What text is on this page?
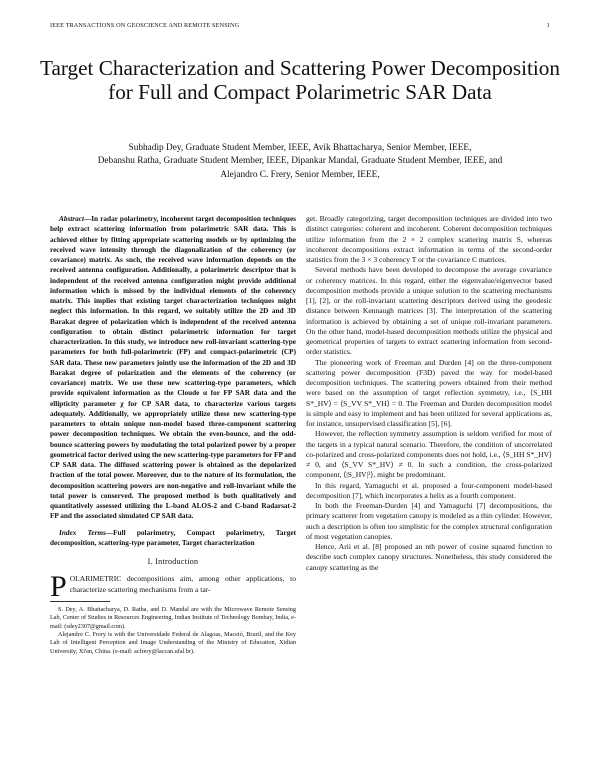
IEEE TRANSACTIONS ON GEOSCIENCE AND REMOTE SENSING	1
Target Characterization and Scattering Power Decomposition for Full and Compact Polarimetric SAR Data
Subhadip Dey, Graduate Student Member, IEEE, Avik Bhattacharya, Senior Member, IEEE,
Debanshu Ratha, Graduate Student Member, IEEE, Dipankar Mandal, Graduate Student Member, IEEE, and
Alejandro C. Frery, Senior Member, IEEE,

Abstract—In radar polarimetry, incoherent target decomposition techniques help extract scattering information from polarimetric SAR data. This is achieved either by fitting appropriate scattering models or by optimizing the received wave intensity through the diagonalization of the coherency (or covariance) matrix. As such, the received wave information depends on the received antenna configuration. Additionally, a polarimetric descriptor that is independent of the received antenna configuration might provide additional information which is missed by the individual elements of the coherency matrix. This implies that existing target characterization techniques might neglect this information. In this regard, we suitably utilize the 2D and 3D Barakat degree of polarization which is independent of the received antenna configuration to obtain distinct polarimetric information for target characterization. In this study, we introduce new roll-invariant scattering-type parameters for both full-polarimetric (FP) and compact-polarimetric (CP) SAR data. These new parameters jointly use the information of the 2D and 3D Barakat degree of polarization and the elements of the coherency (or covariance) matrix. We use these new scattering-type parameters, which provide equivalent information as the Cloude α for FP SAR data and the ellipticity parameter χ for CP SAR data, to characterize various targets adequately. Additionally, we appropriately utilize these new scattering-type parameters to obtain unique non-model based three-component scattering power decomposition techniques. We obtain the even-bounce, and the odd-bounce scattering powers by modulating the total polarized power by a proper geometrical factor derived using the new scattering-type parameters for FP and CP SAR data. The diffused scattering power is obtained as the depolarized fraction of the total power. Moreover, due to the nature of its formulation, the decomposition scattering powers are non-negative and roll-invariant while the total power is conserved. The proposed method is both qualitatively and quantitatively assessed utilizing the L-band ALOS-2 and C-band Radarsat-2 FP and the associated simulated CP SAR data.

Index Terms—Full polarimetry, Compact polarimetry, Target decomposition, scattering-type parameter, Target characterization

I. Introduction

POLARIMETRIC decompositions aim, among other applications, to characterize scattering mechanisms from a tar-

S. Dey, A. Bhattacharya, D. Ratha, and D. Mandal are with the Microwave Remote Sensing Lab, Center of Studies in Resources Engineering, Indian Institute of Technology Bombay, India, e-mail: (sdey2307@gmail.com).

Alejandro C. Frery is with the Universidade Federal de Alagoas, Maceió, Brazil, and the Key Lab of Intelligent Perception and Image Understanding of the Ministry of Education, Xidian University, Xi'an, China. (e-mail: acfrery@laccan.ufal.br).

get. Broadly categorizing, target decomposition techniques are divided into two distinct categories: coherent and incoherent. Coherent decomposition techniques utilize information from the 2 × 2 complex scattering matrix S, whereas incoherent decompositions extract information in terms of the second-order statistics from the 3 × 3 coherency T or the covariance C matrices.

Several methods have been developed to decompose the average covariance or coherency matrices. In this regard, either the eigenvalue/eigenvector based decomposition methods provide a unique solution to the scattering mechanisms [1], [2], or the roll-invariant scattering descriptors derived using the geodesic distance between Kennaugh matrices [3]. The interpretation of the scattering information is achieved by obtaining a set of unique roll-invariant parameters. On the other hand, model-based decomposition methods utilize the physical and geometrical properties of targets to extract scattering information from second-order statistics.

The pioneering work of Freeman and Durden [4] on the three-component scattering power decomposition (F3D) paved the way for model-based decomposition techniques. The scattering powers obtained from their method were based on the assumption of target reflection symmetry, i.e., ⟨S_HH S*_HV⟩ = ⟨S_VV S*_VH⟩ = 0. The Freeman and Durden decomposition model is simple and easy to implement and has been utilized for several applications as, for instance, unsupervised classification [5], [6].

However, the reflection symmetry assumption is seldom verified for most of the targets in a typical natural scenario. Therefore, the condition of uncorrelated co-polarized and cross-polarized components does not hold, i.e., ⟨S_HH S*_HV⟩ ≠ 0, and ⟨S_VV S*_HV⟩ ≠ 0. In such a condition, the cross-polarized component, ⟨|S_HV|²⟩, might be predominant.

In this regard, Yamaguchi et al. proposed a four-component model-based decomposition [7], which incorporates a helix as a fourth component.

In both the Freeman-Durden [4] and Yamaguchi [7] decompositions, the primary scatterer from vegetation canopy is modeled as a thin cylinder. However, such a description is often too simplistic for the complex structural configuration of most vegetation canopies.

Hence, Arii et al. [8] proposed an nth power of cosine squared function to describe such complex canopy structures. Nonetheless, this study considered the canopy scattering as the
